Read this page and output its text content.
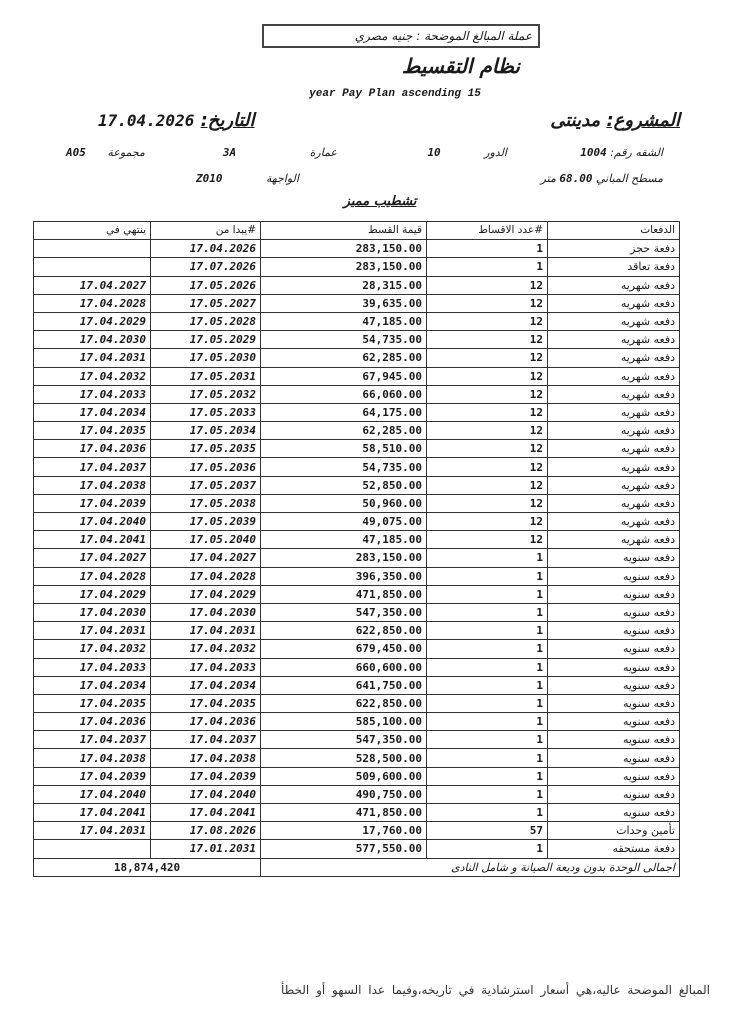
عملة المبالغ الموضحة : جنيه مصري
نظام التقسيط
year Pay Plan ascending 15
المشروع: مدينتى
التاريخ: 17.04.2026
الشقه رقم: 1004
الدور 10
عمارة 3A
مجموعة A05
مسطح المباني 68.00 متر
الواجهة Z010
تشطيب مميز
ينتهي في	#يبدا من	قيمة القسط	#عدد الاقساط	الدفعات
	17.04.2026	283,150.00	1	دفعة حجز
	17.07.2026	283,150.00	1	دفعة تعاقد
17.04.2027	17.05.2026	28,315.00	12	دفعه شهريه
17.04.2028	17.05.2027	39,635.00	12	دفعه شهريه
17.04.2029	17.05.2028	47,185.00	12	دفعه شهريه
17.04.2030	17.05.2029	54,735.00	12	دفعه شهريه
17.04.2031	17.05.2030	62,285.00	12	دفعه شهريه
17.04.2032	17.05.2031	67,945.00	12	دفعه شهريه
17.04.2033	17.05.2032	66,060.00	12	دفعه شهريه
17.04.2034	17.05.2033	64,175.00	12	دفعه شهريه
17.04.2035	17.05.2034	62,285.00	12	دفعه شهريه
17.04.2036	17.05.2035	58,510.00	12	دفعه شهريه
17.04.2037	17.05.2036	54,735.00	12	دفعه شهريه
17.04.2038	17.05.2037	52,850.00	12	دفعه شهريه
17.04.2039	17.05.2038	50,960.00	12	دفعه شهريه
17.04.2040	17.05.2039	49,075.00	12	دفعه شهريه
17.04.2041	17.05.2040	47,185.00	12	دفعه شهريه
17.04.2027	17.04.2027	283,150.00	1	دفعه سنويه
17.04.2028	17.04.2028	396,350.00	1	دفعه سنويه
17.04.2029	17.04.2029	471,850.00	1	دفعه سنويه
17.04.2030	17.04.2030	547,350.00	1	دفعه سنويه
17.04.2031	17.04.2031	622,850.00	1	دفعه سنويه
17.04.2032	17.04.2032	679,450.00	1	دفعه سنويه
17.04.2033	17.04.2033	660,600.00	1	دفعه سنويه
17.04.2034	17.04.2034	641,750.00	1	دفعه سنويه
17.04.2035	17.04.2035	622,850.00	1	دفعه سنويه
17.04.2036	17.04.2036	585,100.00	1	دفعه سنويه
17.04.2037	17.04.2037	547,350.00	1	دفعه سنويه
17.04.2038	17.04.2038	528,500.00	1	دفعه سنويه
17.04.2039	17.04.2039	509,600.00	1	دفعه سنويه
17.04.2040	17.04.2040	490,750.00	1	دفعه سنويه
17.04.2041	17.04.2041	471,850.00	1	دفعه سنويه
17.04.2031	17.08.2026	17,760.00	57	تأمين وحدات
	17.01.2031	577,550.00	1	دفعة مستحقه
18,874,420		اجمالى الوحدة بدون وديعة الصيانة و شامل النادى		
المبالغ الموضحة عاليه،هي أسعار استرشادية في تاريخه،وفيما عدا السهو أو الخطأ
